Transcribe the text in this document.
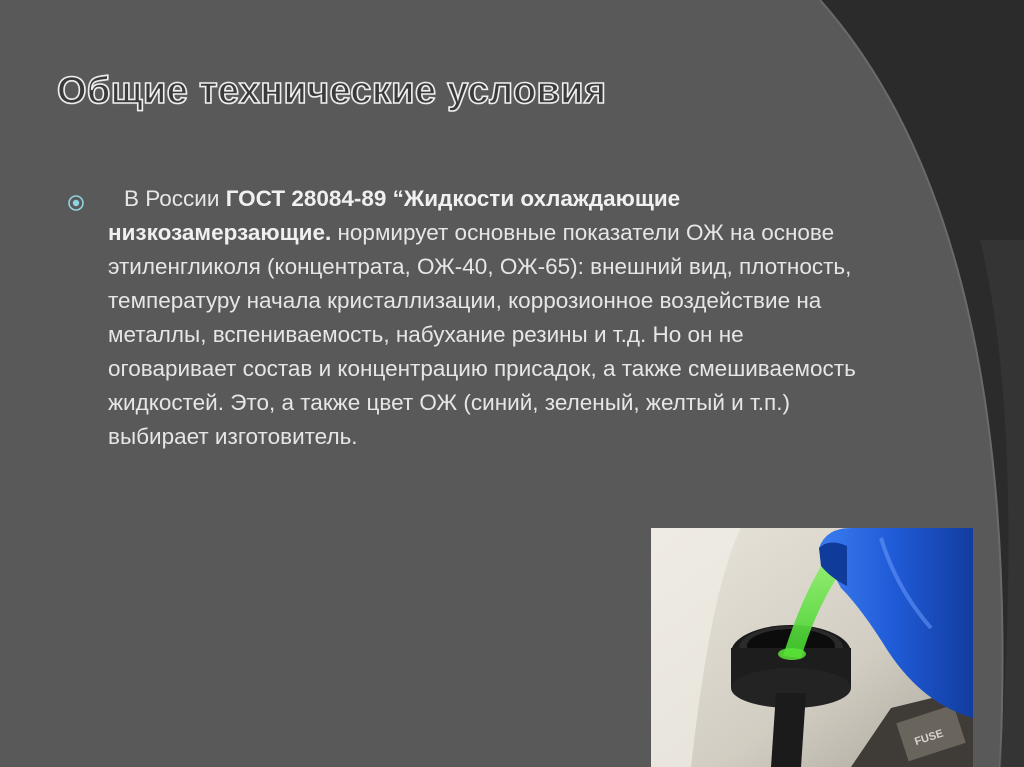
Общие технические условия

В России ГОСТ 28084-89 “Жидкости охлаждающие низкозамерзающие. нормирует основные показатели ОЖ на основе этиленгликоля (концентрата, ОЖ-40, ОЖ-65): внешний вид, плотность, температуру начала кристаллизации, коррозионное воздействие на металлы, вспениваемость, набухание резины и т.д. Но он не оговаривает состав и концентрацию присадок, а также смешиваемость жидкостей. Это, а также цвет ОЖ (синий, зеленый, желтый и т.п.) выбирает изготовитель.

FUSE
